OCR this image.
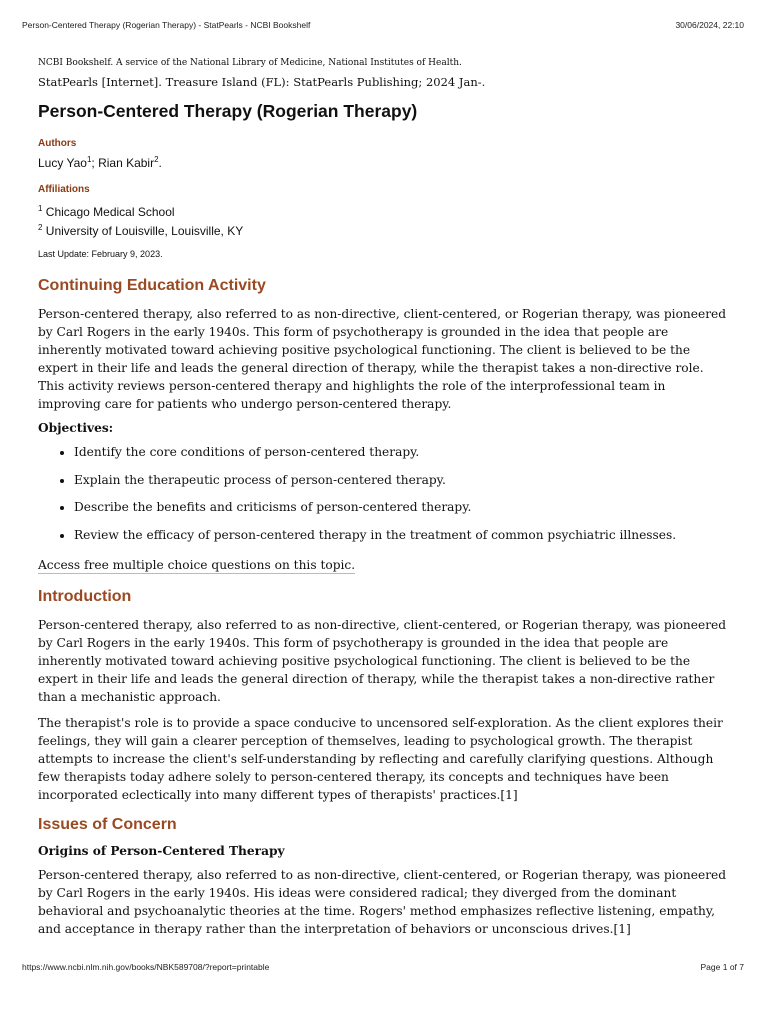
Person-Centered Therapy (Rogerian Therapy) - StatPearls - NCBI Bookshelf	30/06/2024, 22:10

NCBI Bookshelf. A service of the National Library of Medicine, National Institutes of Health.

StatPearls [Internet]. Treasure Island (FL): StatPearls Publishing; 2024 Jan-.

Person-Centered Therapy (Rogerian Therapy)
Authors
Lucy Yao$^1$; Rian Kabir$^2$.
Affiliations
$^1$ Chicago Medical School
$^2$ University of Louisville, Louisville, KY

Last Update: February 9, 2023.

Continuing Education Activity

Person-centered therapy, also referred to as non-directive, client-centered, or Rogerian therapy, was pioneered by Carl Rogers in the early 1940s. This form of psychotherapy is grounded in the idea that people are inherently motivated toward achieving positive psychological functioning. The client is believed to be the expert in their life and leads the general direction of therapy, while the therapist takes a non-directive role. This activity reviews person-centered therapy and highlights the role of the interprofessional team in improving care for patients who undergo person-centered therapy.

Objectives:

• Identify the core conditions of person-centered therapy.
• Explain the therapeutic process of person-centered therapy.
• Describe the benefits and criticisms of person-centered therapy.
• Review the efficacy of person-centered therapy in the treatment of common psychiatric illnesses.
Access free multiple choice questions on this topic.
Introduction

Person-centered therapy, also referred to as non-directive, client-centered, or Rogerian therapy, was pioneered by Carl Rogers in the early 1940s. This form of psychotherapy is grounded in the idea that people are inherently motivated toward achieving positive psychological functioning. The client is believed to be the expert in their life and leads the general direction of therapy, while the therapist takes a non-directive rather than a mechanistic approach.

The therapist's role is to provide a space conducive to uncensored self-exploration. As the client explores their feelings, they will gain a clearer perception of themselves, leading to psychological growth. The therapist attempts to increase the client's self-understanding by reflecting and carefully clarifying questions. Although few therapists today adhere solely to person-centered therapy, its concepts and techniques have been incorporated eclectically into many different types of therapists' practices.[1]

Issues of Concern

Origins of Person-Centered Therapy

Person-centered therapy, also referred to as non-directive, client-centered, or Rogerian therapy, was pioneered by Carl Rogers in the early 1940s. His ideas were considered radical; they diverged from the dominant behavioral and psychoanalytic theories at the time. Rogers' method emphasizes reflective listening, empathy, and acceptance in therapy rather than the interpretation of behaviors or unconscious drives.[1]

https://www.ncbi.nlm.nih.gov/books/NBK589708/?report=printable	Page 1 of 7
